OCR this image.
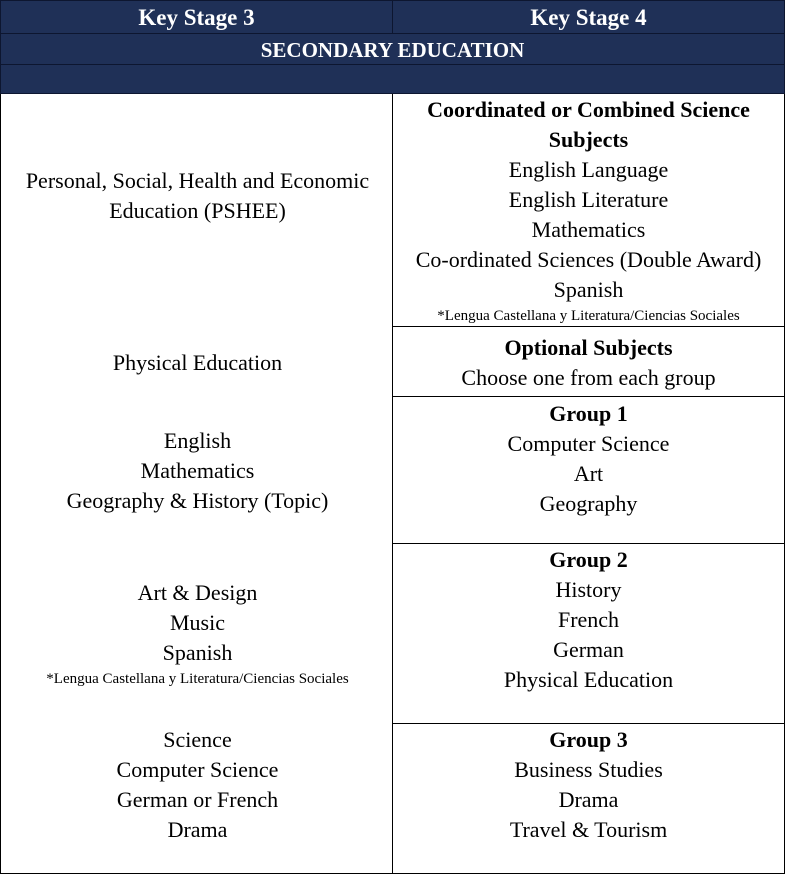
Key Stage 3	Key Stage 4
SECONDARY EDUCATION
Personal, Social, Health and Economic
Education (PSHEE)
Physical Education
English
Mathematics
Geography & History (Topic)
Art & Design
Music
Spanish
*Lengua Castellana y Literatura/Ciencias Sociales
Science
Computer Science
German or French
Drama
Coordinated or Combined Science
Subjects
English Language
English Literature
Mathematics
Co-ordinated Sciences (Double Award)
Spanish
*Lengua Castellana y Literatura/Ciencias Sociales
Optional Subjects
Choose one from each group
Group 1
Computer Science
Art
Geography
Group 2
History
French
German
Physical Education
Group 3
Business Studies
Drama
Travel & Tourism
